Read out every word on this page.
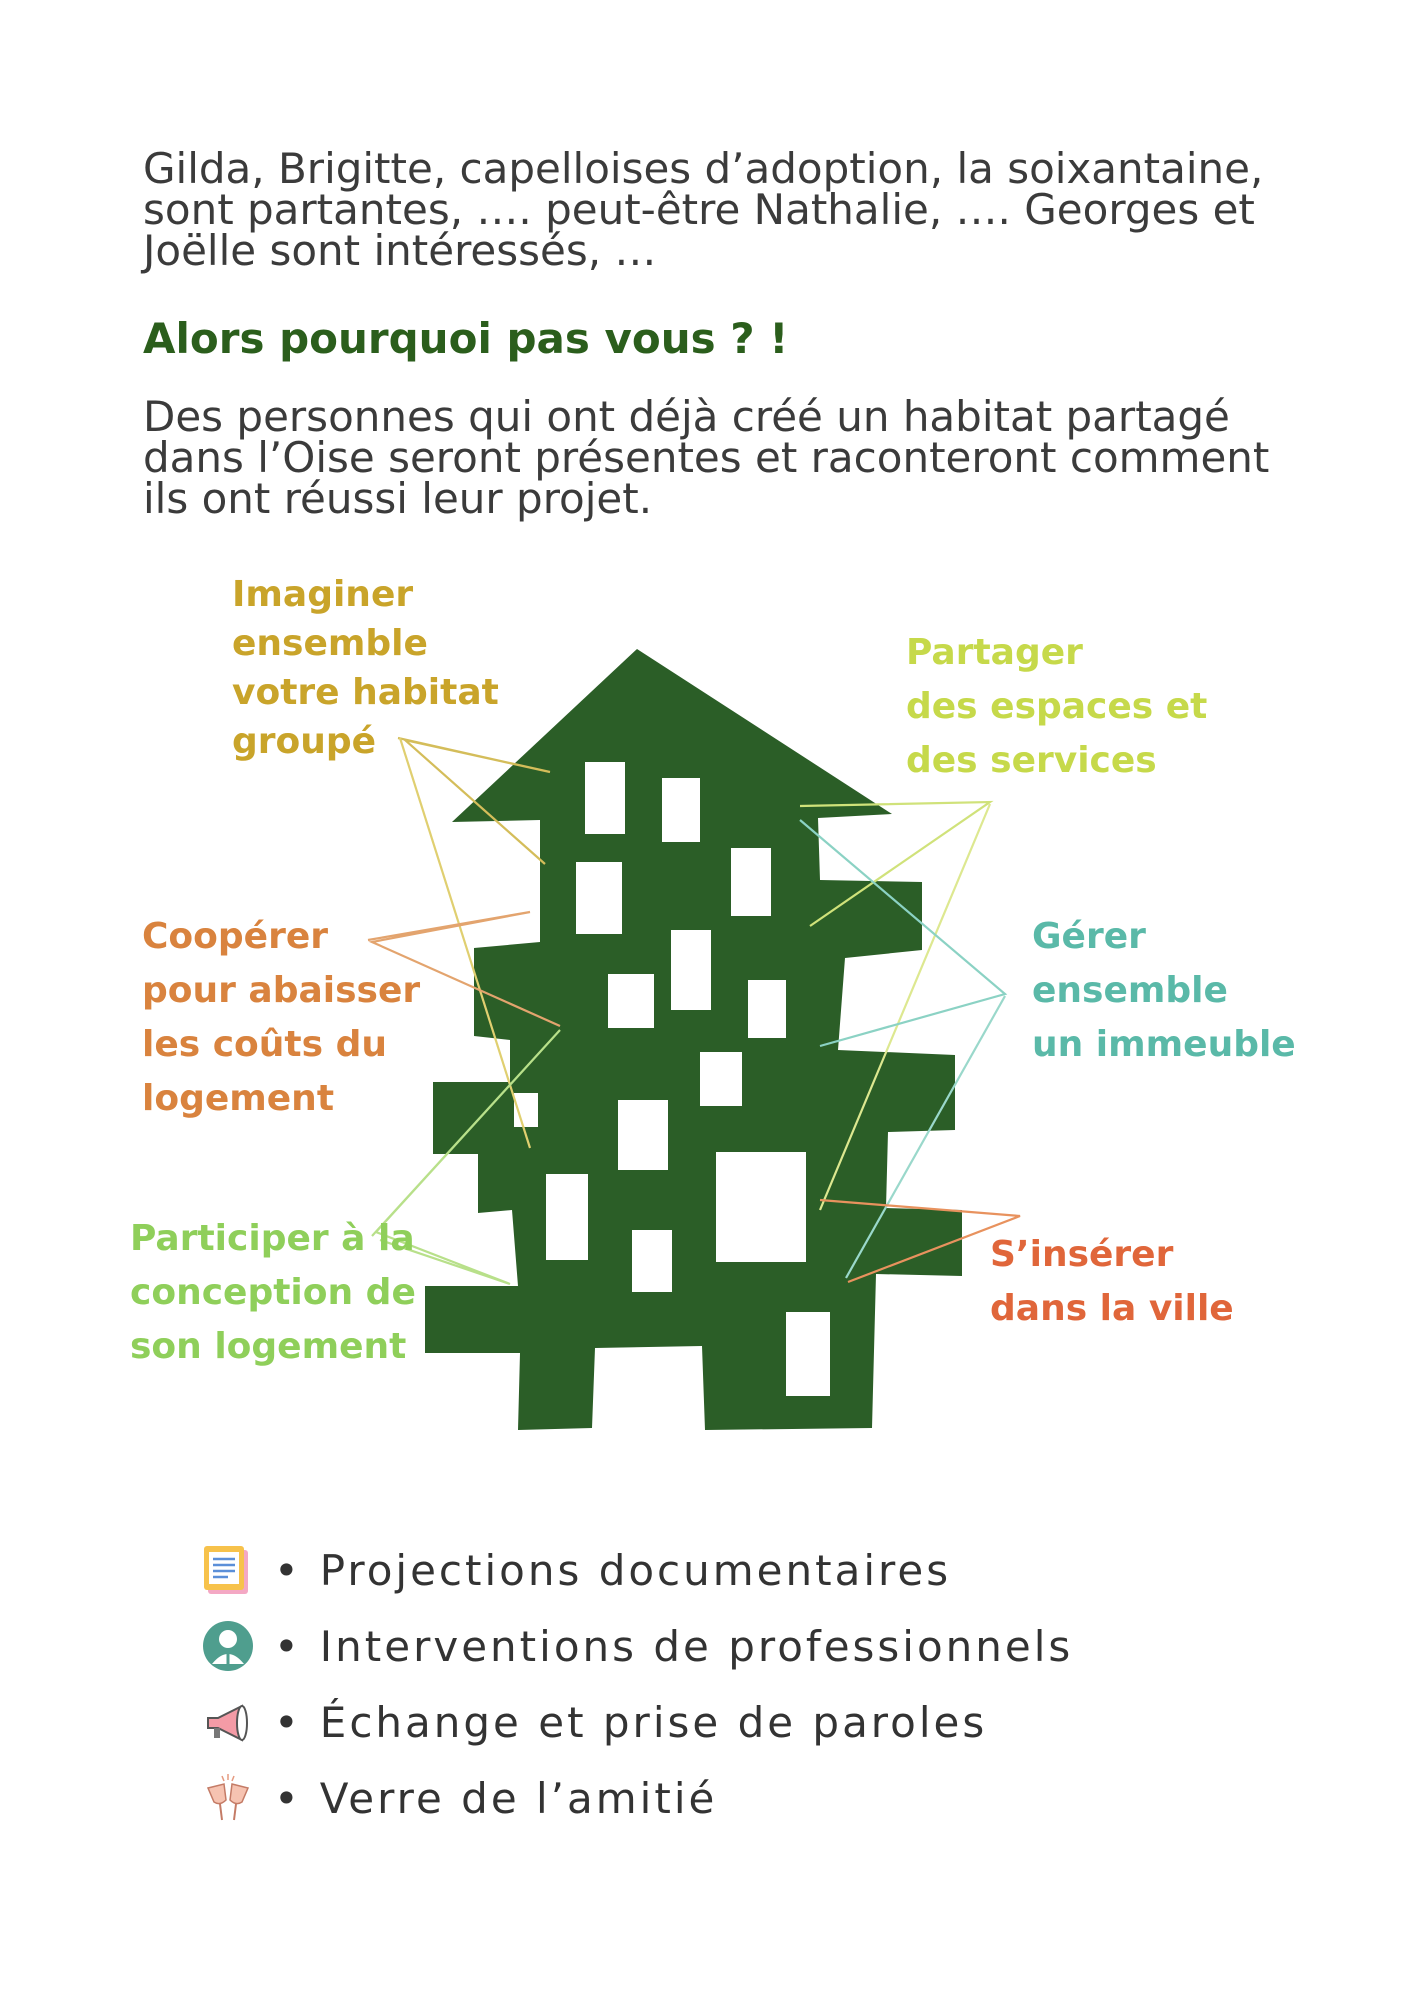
Gilda, Brigitte, capelloises d’adoption, la soixantaine, sont partantes, …. peut-être Nathalie, …. Georges et Joëlle sont intéressés, …

Alors pourquoi pas vous ? !

Des personnes qui ont déjà créé un habitat partagé dans l’Oise seront présentes et raconteront comment ils ont réussi leur projet.

Imaginer ensemble votre habitat groupé
Coopérer pour abaisser les coûts du logement
Participer à la conception de son logement
Partager des espaces et des services
Gérer ensemble un immeuble
S’insérer dans la ville
• Projections documentaires
• Interventions de professionnels
• Échange et prise de paroles
• Verre de l’amitié
